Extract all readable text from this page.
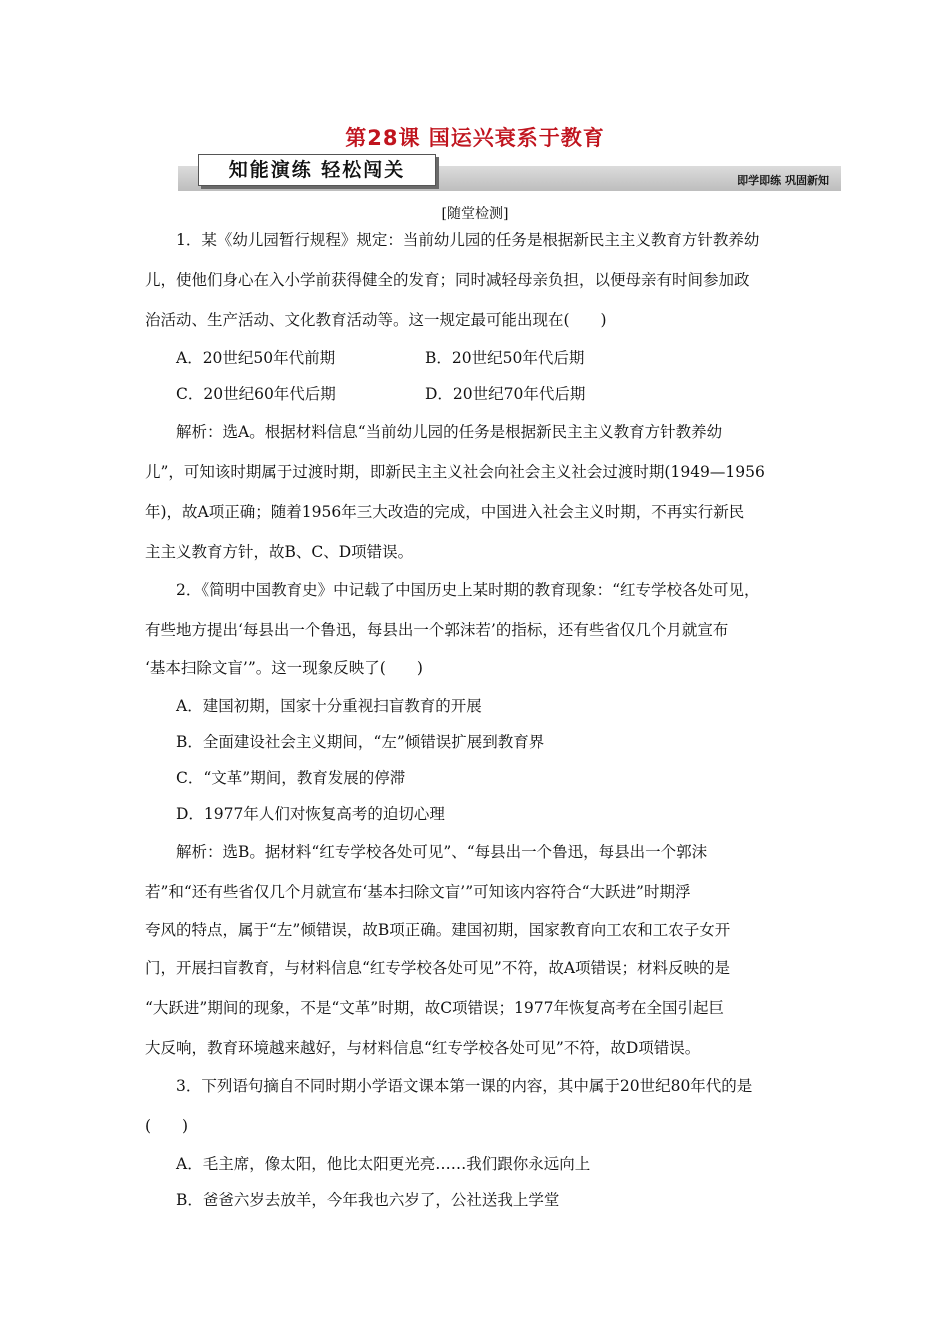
第28课 国运兴衰系于教育
知能演练 轻松闯关	即学即练 巩固新知
[随堂检测]
1．某《幼儿园暂行规程》规定：当前幼儿园的任务是根据新民主主义教育方针教养幼
儿，使他们身心在入小学前获得健全的发育；同时减轻母亲负担，以便母亲有时间参加政
治活动、生产活动、文化教育活动等。这一规定最可能出现在(　　)
A．20世纪50年代前期	B．20世纪50年代后期
C．20世纪60年代后期	D．20世纪70年代后期
解析：选A。根据材料信息“当前幼儿园的任务是根据新民主主义教育方针教养幼
儿”，可知该时期属于过渡时期，即新民主主义社会向社会主义社会过渡时期(1949—1956
年)，故A项正确；随着1956年三大改造的完成，中国进入社会主义时期，不再实行新民
主主义教育方针，故B、C、D项错误。
2．《简明中国教育史》中记载了中国历史上某时期的教育现象：“红专学校各处可见，
有些地方提出‘每县出一个鲁迅，每县出一个郭沫若’的指标，还有些省仅几个月就宣布
‘基本扫除文盲’”。这一现象反映了(　　)
A．建国初期，国家十分重视扫盲教育的开展
B．全面建设社会主义期间，“左”倾错误扩展到教育界
C．“文革”期间，教育发展的停滞
D．1977年人们对恢复高考的迫切心理
解析：选B。据材料“红专学校各处可见”、“每县出一个鲁迅，每县出一个郭沫
若”和“还有些省仅几个月就宣布‘基本扫除文盲’”可知该内容符合“大跃进”时期浮
夸风的特点，属于“左”倾错误，故B项正确。建国初期，国家教育向工农和工农子女开
门，开展扫盲教育，与材料信息“红专学校各处可见”不符，故A项错误；材料反映的是
“大跃进”期间的现象，不是“文革”时期，故C项错误；1977年恢复高考在全国引起巨
大反响，教育环境越来越好，与材料信息“红专学校各处可见”不符，故D项错误。
3．下列语句摘自不同时期小学语文课本第一课的内容，其中属于20世纪80年代的是
(　　)
A．毛主席，像太阳，他比太阳更光亮……我们跟你永远向上
B．爸爸六岁去放羊，今年我也六岁了，公社送我上学堂
